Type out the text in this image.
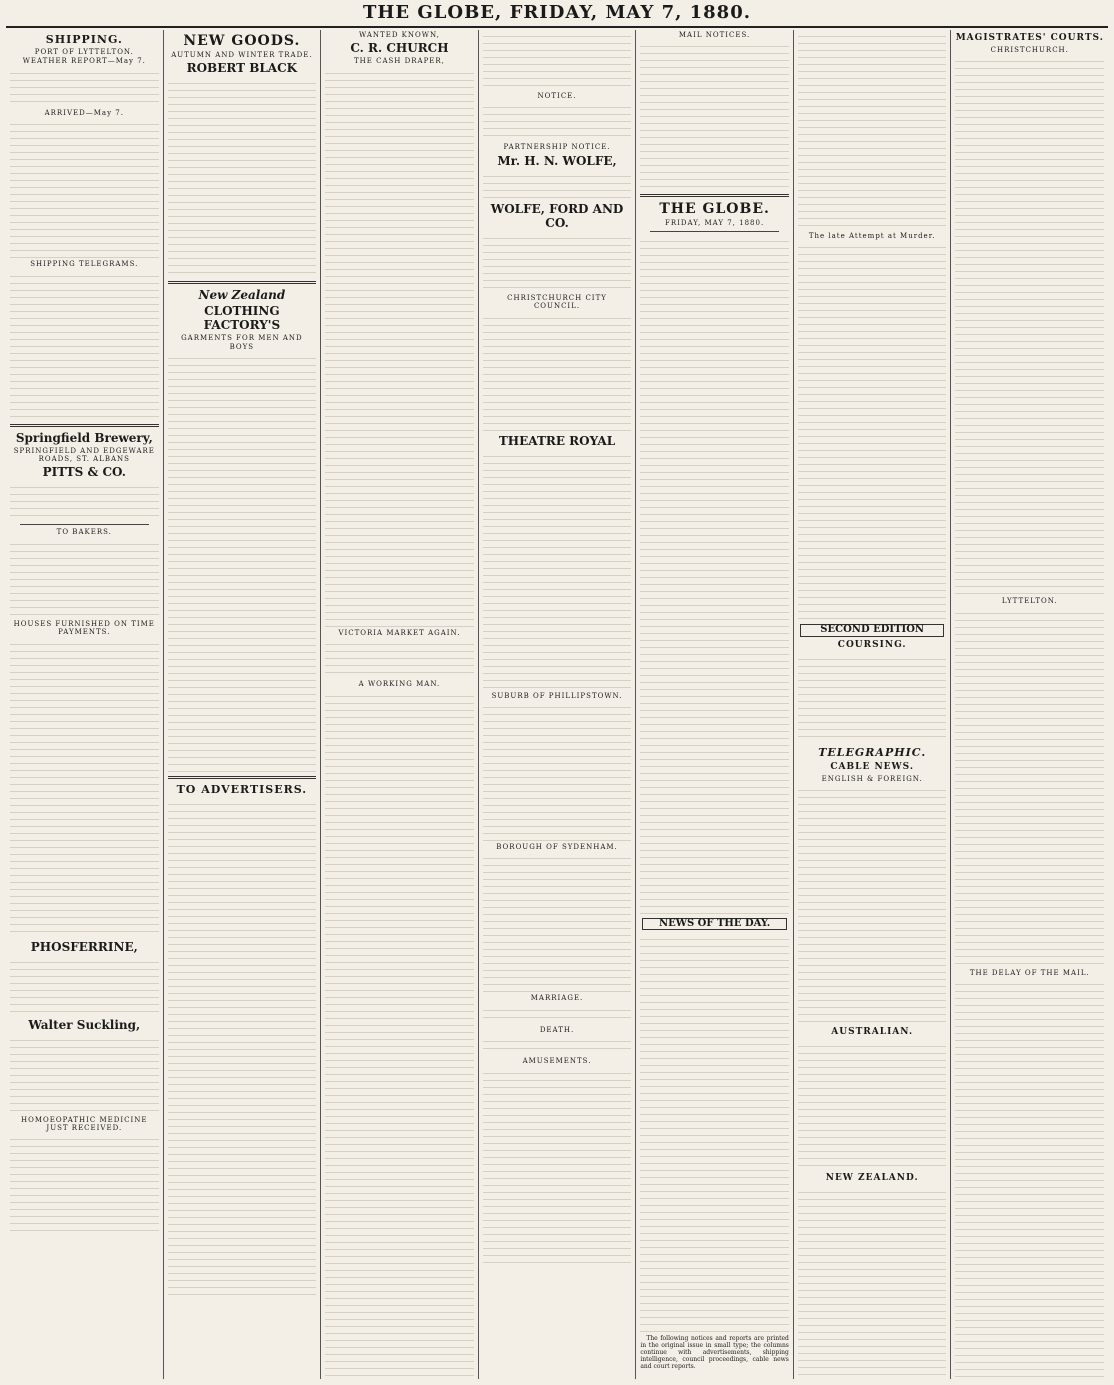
THE GLOBE, FRIDAY, MAY 7, 1880.
SHIPPING.
PORT OF LYTTELTON.
WEATHER REPORT—May 7.
ARRIVED—May 7.
SHIPPING TELEGRAMS.
Springfield Brewery,
SPRINGFIELD AND EDGEWARE ROADS, ST. ALBANS
PITTS & CO.
TO BAKERS.
HOUSES FURNISHED ON TIME PAYMENTS.
PHOSFERRINE,
Walter Suckling,
HOMOEOPATHIC MEDICINE JUST RECEIVED.
NEW GOODS.
AUTUMN AND WINTER TRADE.
ROBERT BLACK
New Zealand
CLOTHING FACTORY'S
GARMENTS FOR MEN AND BOYS
TO ADVERTISERS.
WANTED KNOWN,
C. R. CHURCH
THE CASH DRAPER,
VICTORIA MARKET AGAIN.
A WORKING MAN.
NOTICE.
PARTNERSHIP NOTICE.
Mr. H. N. WOLFE,
WOLFE, FORD AND CO.
CHRISTCHURCH CITY COUNCIL.
THEATRE ROYAL
SUBURB OF PHILLIPSTOWN.
BOROUGH OF SYDENHAM.
MARRIAGE.
DEATH.
AMUSEMENTS.
MAIL NOTICES.
THE GLOBE.
FRIDAY, MAY 7, 1880.
NEWS OF THE DAY.

The following notices and reports are printed in the original issue in small type; the columns continue with advertisements, shipping intelligence, council proceedings, cable news and court reports.

The late Attempt at Murder.
SECOND EDITION
COURSING.
TELEGRAPHIC.
CABLE NEWS.
ENGLISH & FOREIGN.
AUSTRALIAN.
NEW ZEALAND.
MAGISTRATES' COURTS.
CHRISTCHURCH.
LYTTELTON.
THE DELAY OF THE MAIL.
